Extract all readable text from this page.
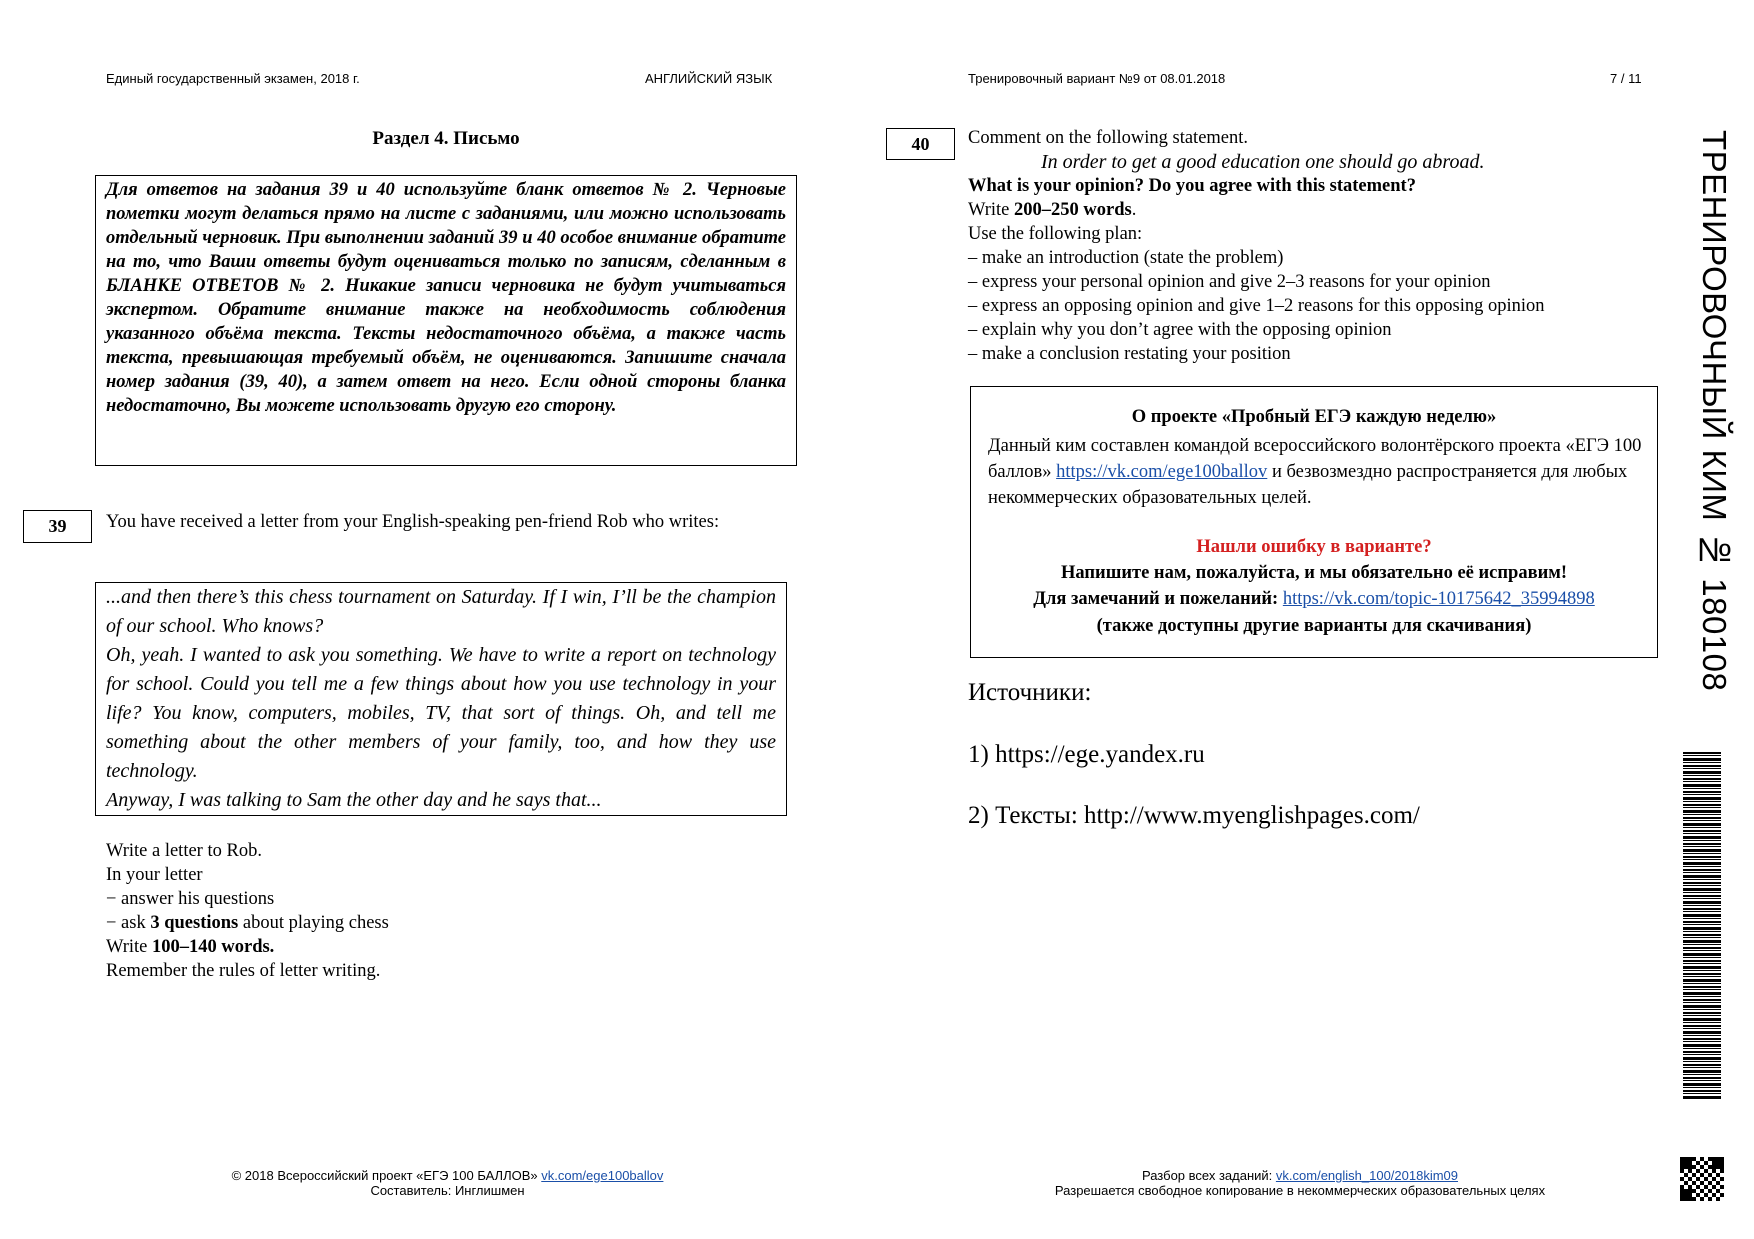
Единый государственный экзамен, 2018 г.	АНГЛИЙСКИЙ ЯЗЫК	Тренировочный вариант №9 от 08.01.2018	7 / 11
Раздел 4. Письмо
Для ответов на задания 39 и 40 используйте бланк ответов № 2. Черновые пометки могут делаться прямо на листе с заданиями, или можно использовать отдельный черновик. При выполнении заданий 39 и 40 особое внимание обратите на то, что Ваши ответы будут оцениваться только по записям, сделанным в БЛАНКЕ ОТВЕТОВ № 2. Никакие записи черновика не будут учитываться экспертом. Обратите внимание также на необходимость соблюдения указанного объёма текста. Тексты недостаточного объёма, а также часть текста, превышающая требуемый объём, не оцениваются. Запишите сначала номер задания (39, 40), а затем ответ на него. Если одной стороны бланка недостаточно, Вы можете использовать другую его сторону.
39	You have received a letter from your English-speaking pen-friend Rob who writes:
...and then there’s this chess tournament on Saturday. If I win, I’ll be the champion of our school. Who knows?
Oh, yeah. I wanted to ask you something. We have to write a report on technology for school. Could you tell me a few things about how you use technology in your life? You know, computers, mobiles, TV, that sort of things. Oh, and tell me something about the other members of your family, too, and how they use technology.
Anyway, I was talking to Sam the other day and he says that...
Write a letter to Rob.
In your letter
− answer his questions
− ask 3 questions about playing chess
Write 100–140 words.
Remember the rules of letter writing.
40	Comment on the following statement.
In order to get a good education one should go abroad.
What is your opinion? Do you agree with this statement?
Write 200–250 words.
Use the following plan:
– make an introduction (state the problem)
– express your personal opinion and give 2–3 reasons for your opinion
– express an opposing opinion and give 1–2 reasons for this opposing opinion
– explain why you don’t agree with the opposing opinion
– make a conclusion restating your position
О проекте «Пробный ЕГЭ каждую неделю»
Данный ким составлен командой всероссийского волонтёрского проекта «ЕГЭ 100 баллов» https://vk.com/ege100ballov и безвозмездно распространяется для любых некоммерческих образовательных целей.
Нашли ошибку в варианте?
Напишите нам, пожалуйста, и мы обязательно её исправим!
Для замечаний и пожеланий: https://vk.com/topic-10175642_35994898
(также доступны другие варианты для скачивания)
Источники:
1) https://ege.yandex.ru
2) Тексты: http://www.myenglishpages.com/
ТРЕНИРОВОЧНЫЙ КИМ № 180108
© 2018 Всероссийский проект «ЕГЭ 100 БАЛЛОВ» vk.com/ege100ballov
Составитель: Инглишмен
Разбор всех заданий: vk.com/english_100/2018kim09
Разрешается свободное копирование в некоммерческих образовательных целях
